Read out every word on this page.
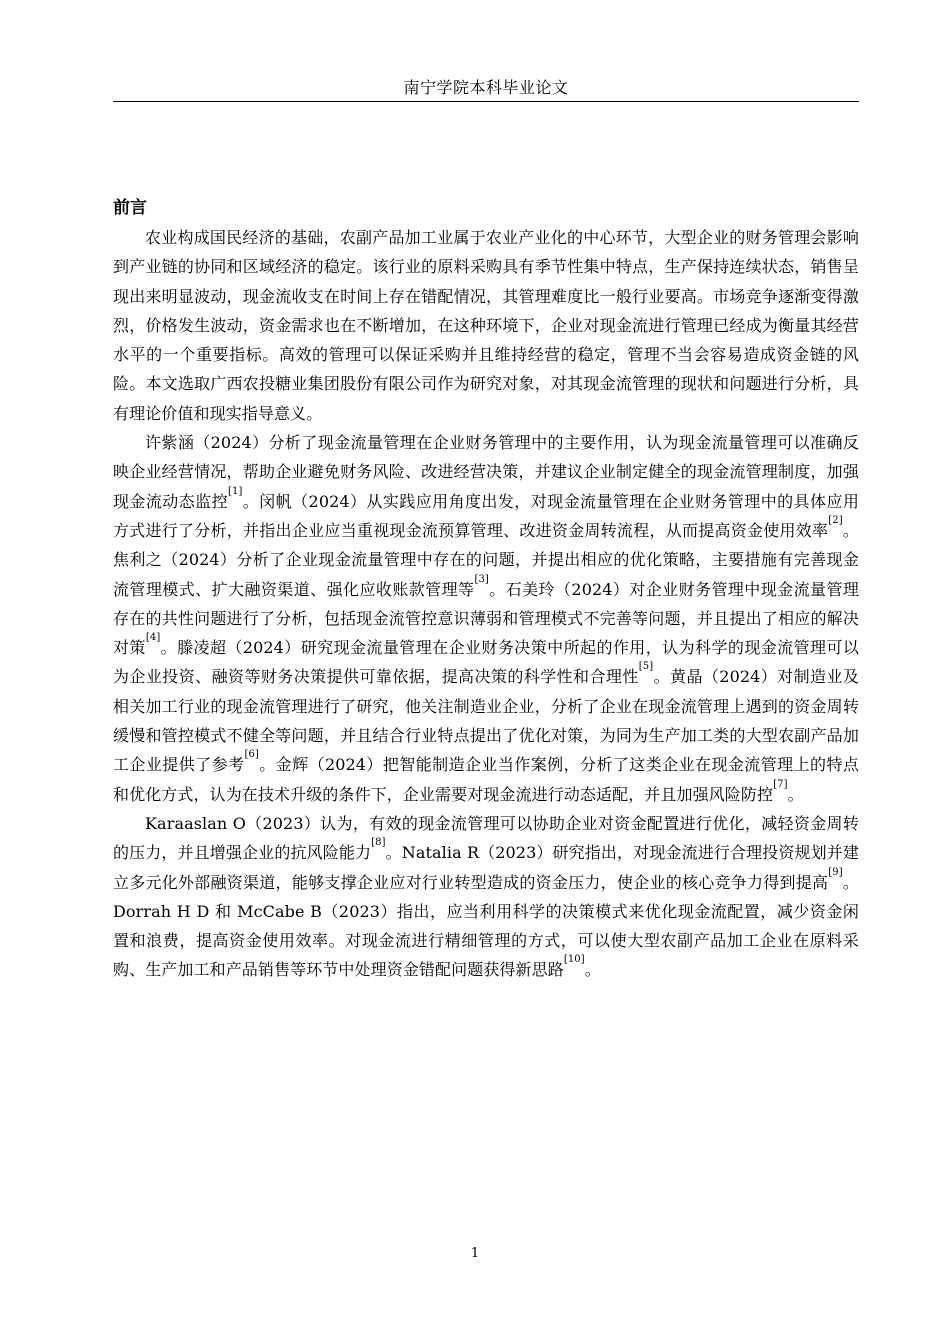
南宁学院本科毕业论文
前言

农业构成国民经济的基础，农副产品加工业属于农业产业化的中心环节，大型企业的财务管理会影响到产业链的协同和区域经济的稳定。该行业的原料采购具有季节性集中特点，生产保持连续状态，销售呈现出来明显波动，现金流收支在时间上存在错配情况，其管理难度比一般行业要高。市场竞争逐渐变得激烈，价格发生波动，资金需求也在不断增加，在这种环境下，企业对现金流进行管理已经成为衡量其经营水平的一个重要指标。高效的管理可以保证采购并且维持经营的稳定，管理不当会容易造成资金链的风险。本文选取广西农投糖业集团股份有限公司作为研究对象，对其现金流管理的现状和问题进行分析，具有理论价值和现实指导意义。

许紫涵（2024）分析了现金流量管理在企业财务管理中的主要作用，认为现金流量管理可以准确反映企业经营情况，帮助企业避免财务风险、改进经营决策，并建议企业制定健全的现金流管理制度，加强现金流动态监控[1]。闵帆（2024）从实践应用角度出发，对现金流量管理在企业财务管理中的具体应用方式进行了分析，并指出企业应当重视现金流预算管理、改进资金周转流程，从而提高资金使用效率[2]。焦利之（2024）分析了企业现金流量管理中存在的问题，并提出相应的优化策略，主要措施有完善现金流管理模式、扩大融资渠道、强化应收账款管理等[3]。石美玲（2024）对企业财务管理中现金流量管理存在的共性问题进行了分析，包括现金流管控意识薄弱和管理模式不完善等问题，并且提出了相应的解决对策[4]。滕凌超（2024）研究现金流量管理在企业财务决策中所起的作用，认为科学的现金流管理可以为企业投资、融资等财务决策提供可靠依据，提高决策的科学性和合理性[5]。黄晶（2024）对制造业及相关加工行业的现金流管理进行了研究，他关注制造业企业，分析了企业在现金流管理上遇到的资金周转缓慢和管控模式不健全等问题，并且结合行业特点提出了优化对策，为同为生产加工类的大型农副产品加工企业提供了参考[6]。金辉（2024）把智能制造企业当作案例，分析了这类企业在现金流管理上的特点和优化方式，认为在技术升级的条件下，企业需要对现金流进行动态适配，并且加强风险防控[7]。

Karaaslan O（2023）认为，有效的现金流管理可以协助企业对资金配置进行优化，减轻资金周转的压力，并且增强企业的抗风险能力[8]。Natalia R（2023）研究指出，对现金流进行合理投资规划并建立多元化外部融资渠道，能够支撑企业应对行业转型造成的资金压力，使企业的核心竞争力得到提高[9]。Dorrah H D 和 McCabe B（2023）指出，应当利用科学的决策模式来优化现金流配置，减少资金闲置和浪费，提高资金使用效率。对现金流进行精细管理的方式，可以使大型农副产品加工企业在原料采购、生产加工和产品销售等环节中处理资金错配问题获得新思路[10]。

1
